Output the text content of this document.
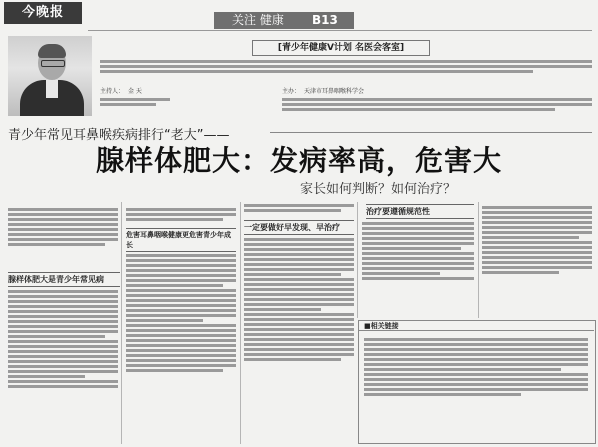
今晚报	关注 健康 B13
[青少年健康V计划 名医会客室]
主持人： 金 天	主办： 天津市耳鼻咽喉科学会
青少年常见耳鼻喉疾病排行“老大”——
腺样体肥大：发病率高，危害大
家长如何判断？如何治疗？
腺样体肥大是青少年常见病
危害耳鼻咽喉健康更危害青少年成长
一定要做好早发现、早治疗
治疗要遵循规范性
■相关链接
